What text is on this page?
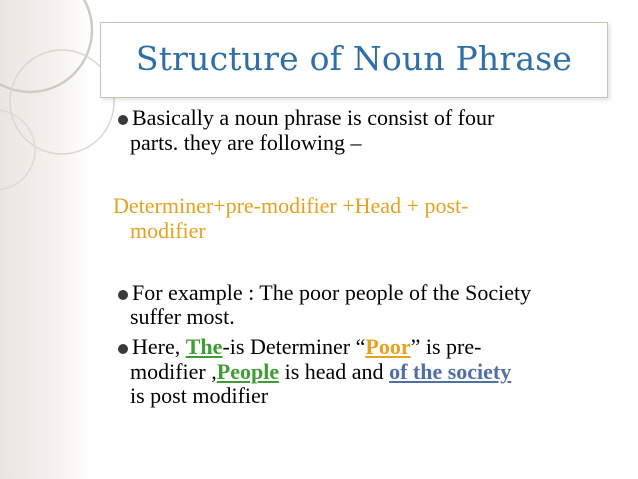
Structure of Noun Phrase
Basically a noun phrase is consist of four
parts. they are following –
Determiner+pre-modifier +Head + post-
modifier
For example : The poor people of the Society
suffer most.
Here, The-is Determiner “Poor” is pre-
modifier ,People is head and of the society
is post modifier
